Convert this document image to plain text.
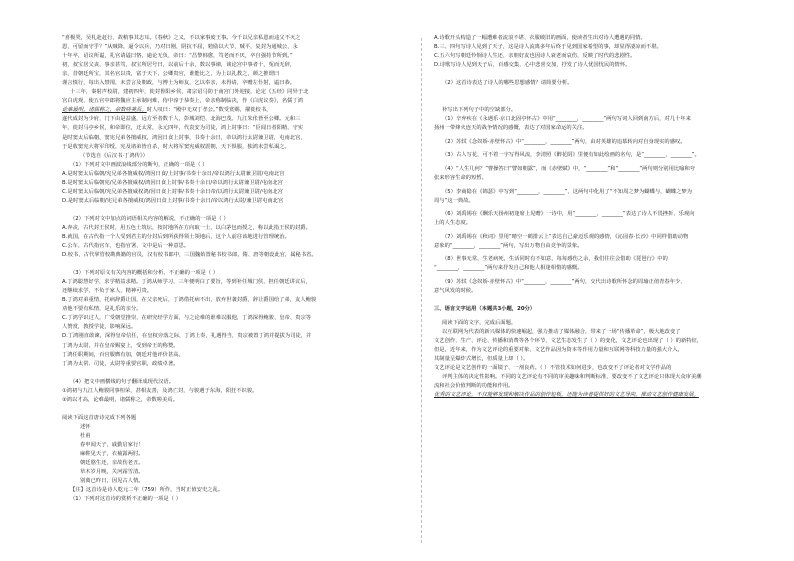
“喜极哭，吴札赴赶行，故稍事其志耳。《春秋》之义，不以家事废王事。今千以兄亲私恩而违父不灭之
恩，可留而守乎？”从贼降，逼令以兵，乃对曰刚，阴抗不屈，勉励以大节，贼平，复封为通城公，永
十年卒，诏议所谥，礼官请谥曰恪，逾论无负，帝曰：“昌黎韩愈，笃老而不厌，卒自强持节所到。”
初，叔宝居父丧，事亲甚笃，叔宝所居号曰，以前后十余，数以事谏，谈论宫中事者十，冤而无辞，
亲，昔朝廷所宝，其名官以贵，富于天下，公卿贵官，谁能比之，为上以礼教之，颜之推谓曰
谨言慎行，每出入禁闱，未尝言及朝政，与博士为师友，乞以奉亲，未得请，卒赠左仆射，谥曰恭。
十三年，秦射声校尉，建初四年，徙封鲁阳乡侯，肃宗诏马防于南宫门外迎接，论定《五经》同异于北
宫白虎观，使五官中郎将魏应主承制问难，侍中淳于恭奏上，帝亲称制临决，作《白虎议奏》，名儒丁鸿
论难最明，诸儒称之，帝数嗟美焉。时人叹曰：“殿中无双丁孝公。”数受赏赐，擢徙校书，
遂代成封为少府，门下由是益盛，远方至者数千人，彭城刘恺、北海巴茂、九江朱伥皆至公卿。元和三
年，徙封马亭乡侯，和帝即位，迁太常，永元四年，代袁安为司徒，鸿上封事曰：“臣闻日者阳精，守实
是时窦太后临朝，窦宪兄弟各擅威权，鸿因日食上封事，书奏十余日，帝以鸿行太尉兼卫尉，屯南北宫，
于是收窦宪大将军印绶，宪及诸弟皆自杀，时大将军窦宪威权震朝，天下惧服，独鸿未尝私谒之。
（节选自《后汉书·丁鸿传》）
（1）下列对文中画波浪线部分的断句，正确的一项是（ ）
A.是时窦太后临朝/宪兄弟各擅威权/鸿因日食/上封事/书奏十余日/帝以鸿行太尉兼卫尉/屯南北宫
B.是时窦太后临朝宪/兄弟各擅威权/鸿因日食上封事/书奏十余日/帝以鸿行太尉兼卫尉/屯南北宫
C.是时窦太后临朝/宪兄弟各擅威权鸿/因日食上封事/书奏十余日帝/以鸿行太尉兼卫尉/屯南北宫
D.是时窦太后临朝/宪兄弟各擅威权/鸿因日食上封事/书奏十余日/帝以鸿行太尉/兼卫尉屯南北宫
（2）下列对文中加点的词语相关内容的解说，不正确的一项是（ ）
A.奔丧，古代封王侯时，用五色土筑坛，按封地所在方向取一土，以白茅包而授之，称以此指王侯的封爵。
B.就国，在古代指一个人受到君主的分封后到所获得领土领地后，这个人前往该地进行管理统治。
C.公车，古代指官车，也指官署，文中是后一种意思。
D.校书，古代掌管校勘典籍的官员，汉有校书郎中，三国魏始置秘书校书郎，隋、唐等朝设此官，属秘书省。
（3）下列对原文有关内容的概括和分析，不正确的一项是（ ）
A.丁鸿聪慧好学，求学精益求精。丁鸿从师学习，三年便明白了要旨，等到补任城门侯，担任朝廷讲议后，
还继续求学，不负于家人，精神可贵。
B.丁鸿对弟重情，托病辞爵让国，在父亲死后，丁鸿借托病不出，放弃世袭封爵，辞让爵国给了弟，友人鲍骏
劝他不要有私情，是礼乐的亲分。
C.丁鸿学识过人，广受朝堂推崇，在研究经学方面，与之论难的谁难以服他，丁鸿深得鲍骏、皇帝、贵宗等
人赞赏，教授学徒，影响深远。
D.丁鸿刚直敢谏，深得皇帝信任，在皇权旁落之际，丁鸿上奏，礼遇得当，贵宗被置丁鸿并提拔为司徒，并
丁鸿为太尉，并在皇帝赐宴上，受到帝王的称赞。
丁鸿任职期间，百官服膺有加，朝廷对他评价甚高。
丁鸿为太常、司徒，太尉等重要官职，政绩卓著。
（4）把文中画横线的句子翻译成现代汉语。
①鸿初与九江人鲍骏同事桓荣，甚相友善，及鸿亡封，与骏遇于东海，阳狂不识骏。
②鸿以才高，论难最明，诸儒称之，帝数嗟美焉。
阅读下面这首唐诗完成下列各题
述怀
杜甫
春申闻天子，戚勤启家行！
麻鞋见天子，衣袖露两肘。
朝廷愍生还，亲故伤老丑。
草木岁月晚，关河霜雪清。
别离已昨日，因见古人情。
【注】这首诗是诗人乾元二年（759）所作，当时正值安史之乱。
（1）下列对这首诗的赏析不正确的一项是（ ）
A.诗歌开头构造了一幅遭难者流浪不堪、衣服破旧的画面，使读者生出对诗人遭遇的同情。
B.三、四句写诗人见到了天子，这是诗人流离多年后终于见到国家希望的事，却显得凄凉而不堪。
C.五六句写朝廷怜悯诗人生还，亲朋好友也因诗人衰老而哀伤，反映了时代的悲剧性。
D.诗歌写诗人见到天子后，百感交集，心中悲喜交加，抒发了诗人忧国忧民的情怀。
（2）这首诗表达了诗人的哪些思想感情？请简要分析。
补写出下列句子中的空缺部分。
（1）辛弃疾在《永遇乐·京口北固亭怀古》中用“________，________”两句写词人回到南方后，对几十年来
扬州一带烽火连天的战争情况的感慨，表达了对国家命运的关注。
（2）苏轼《念奴娇·赤壁怀古》中“________，________”两句，由对英雄的追慕转向对自身现实的感叹。
（3）古人写花，可不着一字写得风流，李清照《醉花阴》里便有如此绘画的名句，是“________，________”。
（4）“人生几何？”曹操答曰“譬如朝露”，而《赤壁赋》中，“________”和“________”两句则分别用比喻和夸
张来形容生命的短暂。
（5）李商隐在《锦瑟》中写到“________，________”，这两句中化用了“不知周之梦为蝴蝶与，蝴蝶之梦为
周与”这一典故。
（6）刘禹锡在《酬乐天扬州初逢席上见赠》一诗中，用“________，________”表达了诗人不畏挫折、乐观向
上的人生态度。
（7）刘禹锡在《秋词》里用“晴空一鹤排云上”表达自己豪迈乐观的感情，《沁园春·长沙》中同样借助动物
意象的“________，________”两句，写出万物自由竞争的景象。
（8）世事无常，生老病死，生活同时有不如意，每每感伤之余，我们往往会借助《琵琶行》中的
“________，________”两句来抒发自己和他人相逢相惜的感慨。
（9）苏轼《念奴娇·赤壁怀古》中“________，________”两句，交代出诗歌所怀念的周瑜正值青春年少、
意气风发的时候。
三、语言文字运用（本题共3小题，20分）
阅读下面的文字，完成后面题。
以互联网为代表的新兴媒体的快速崛起，强力推动了媒体融合，带来了一场“传播革命”，极大地改变了
文艺创作、生产、评论、传播和消费等各个环节，文艺生态发生了（ ）的变化，文艺评论也出现了（ ）的新特征，
但是，近年来，作为文艺评论的重要对象，文艺作品因为资本等作用力量和互联网等科技力量的强大介入，
其制量呈爆炸式增长，但质量上却（ ）。
文艺评论是文艺创作的一面镜子、一剂良药。（ ）不管技术如何进步，也改变不了评论者对文学作品的
评判主体的决定性影响。不同的文艺评论有不同的审美趣味和判断标准，要改变不了文艺评论只体现大众审美潮
流和社会价值判断的功能和作用。
优秀的文艺评论，不仅能够发现和解决作品的创作短板，还能为读者提供好的文艺导向，推动文艺创作健康发展。
